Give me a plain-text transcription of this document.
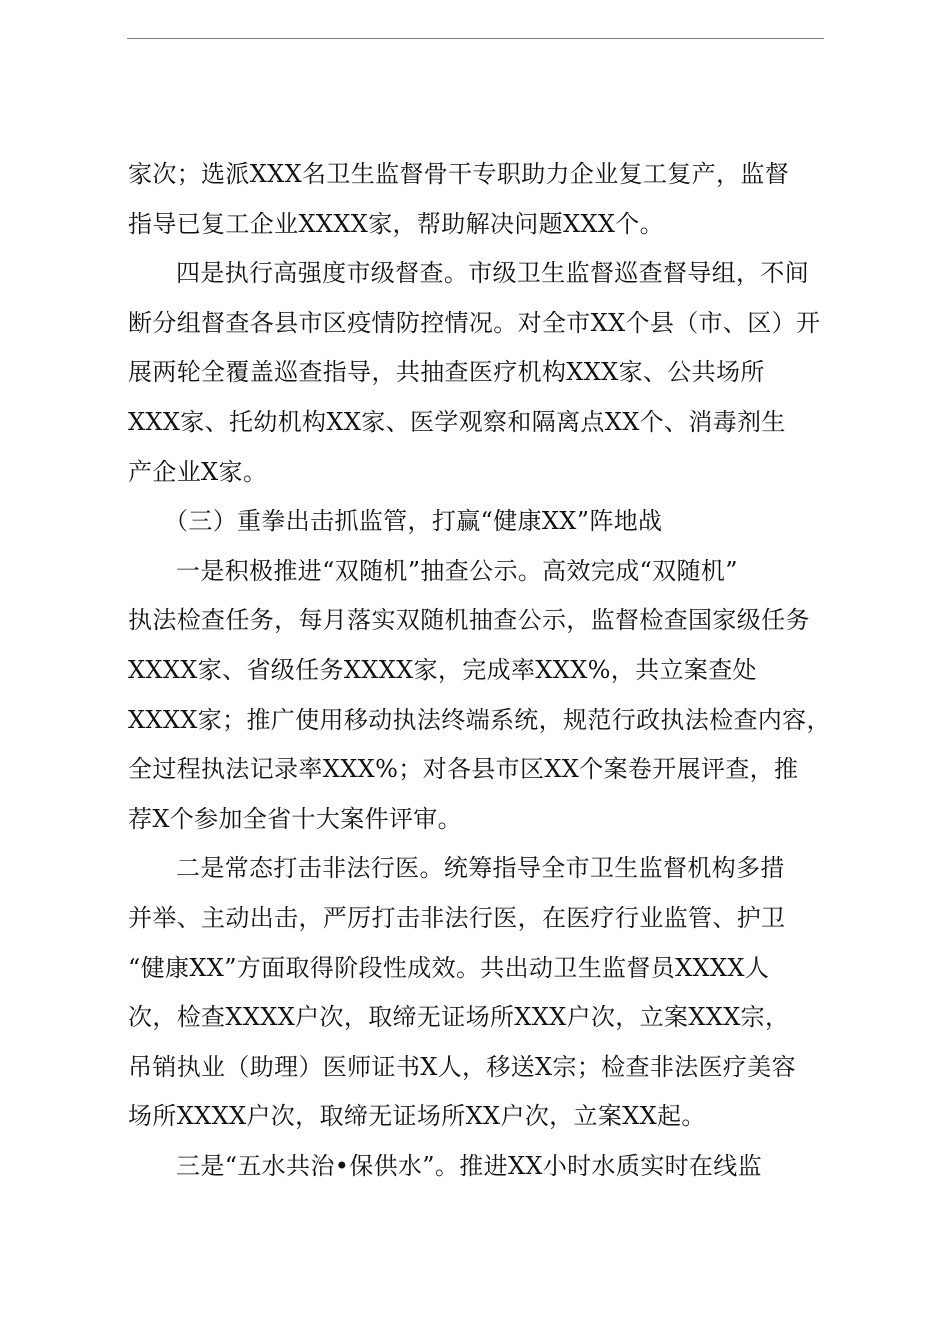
家次；选派XXX名卫生监督骨干专职助力企业复工复产，监督
指导已复工企业XXXX家，帮助解决问题XXX个。
四是执行高强度市级督查。市级卫生监督巡查督导组，不间
断分组督查各县市区疫情防控情况。对全市XX个县（市、区）开
展两轮全覆盖巡查指导，共抽查医疗机构XXX家、公共场所
XXX家、托幼机构XX家、医学观察和隔离点XX个、消毒剂生
产企业X家。
（三）重拳出击抓监管，打赢“健康XX”阵地战
一是积极推进“双随机”抽查公示。高效完成“双随机”
执法检查任务，每月落实双随机抽查公示，监督检查国家级任务
XXXX家、省级任务XXXX家，完成率XXX%，共立案查处
XXXX家；推广使用移动执法终端系统，规范行政执法检查内容，
全过程执法记录率XXX%；对各县市区XX个案卷开展评查，推
荐X个参加全省十大案件评审。
二是常态打击非法行医。统筹指导全市卫生监督机构多措
并举、主动出击，严厉打击非法行医，在医疗行业监管、护卫
“健康XX”方面取得阶段性成效。共出动卫生监督员XXXX人
次，检查XXXX户次，取缔无证场所XXX户次，立案XXX宗，
吊销执业（助理）医师证书X人，移送X宗；检查非法医疗美容
场所XXXX户次，取缔无证场所XX户次，立案XX起。
三是“五水共治•保供水”。推进XX小时水质实时在线监
